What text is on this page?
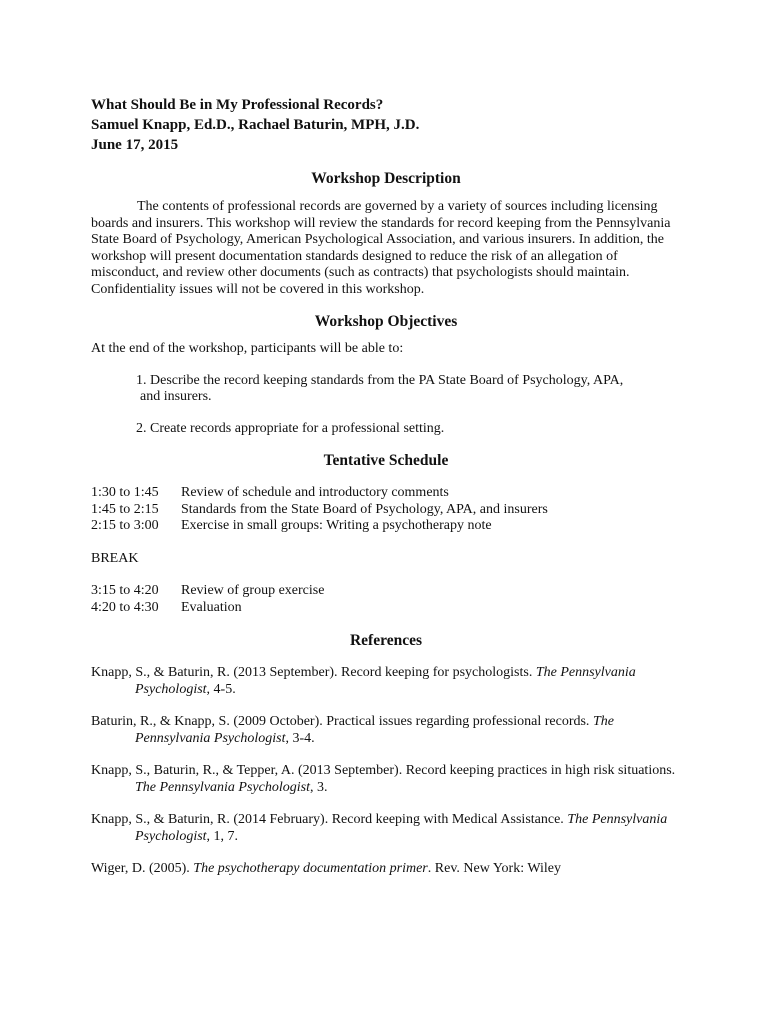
What Should Be in My Professional Records?
Samuel Knapp, Ed.D., Rachael Baturin, MPH, J.D.
June 17, 2015
Workshop Description

The contents of professional records are governed by a variety of sources including licensing boards and insurers. This workshop will review the standards for record keeping from the Pennsylvania State Board of Psychology, American Psychological Association, and various insurers. In addition, the workshop will present documentation standards designed to reduce the risk of an allegation of misconduct, and review other documents (such as contracts) that psychologists should maintain. Confidentiality issues will not be covered in this workshop.

Workshop Objectives

At the end of the workshop, participants will be able to:

1. Describe the record keeping standards from the PA State Board of Psychology, APA,
and insurers.
2. Create records appropriate for a professional setting.
Tentative Schedule
1:30 to 1:45	Review of schedule and introductory comments
1:45 to 2:15	Standards from the State Board of Psychology, APA, and insurers
2:15 to 3:00	Exercise in small groups: Writing a psychotherapy note

BREAK

3:15 to 4:20	Review of group exercise
4:20 to 4:30	Evaluation
References

Knapp, S., & Baturin, R. (2013 September). Record keeping for psychologists. The Pennsylvania Psychologist, 4-5.

Baturin, R., & Knapp, S. (2009 October). Practical issues regarding professional records. The Pennsylvania Psychologist, 3-4.

Knapp, S., Baturin, R., & Tepper, A. (2013 September). Record keeping practices in high risk situations. The Pennsylvania Psychologist, 3.

Knapp, S., & Baturin, R. (2014 February). Record keeping with Medical Assistance. The Pennsylvania Psychologist, 1, 7.

Wiger, D. (2005). The psychotherapy documentation primer. Rev. New York: Wiley
